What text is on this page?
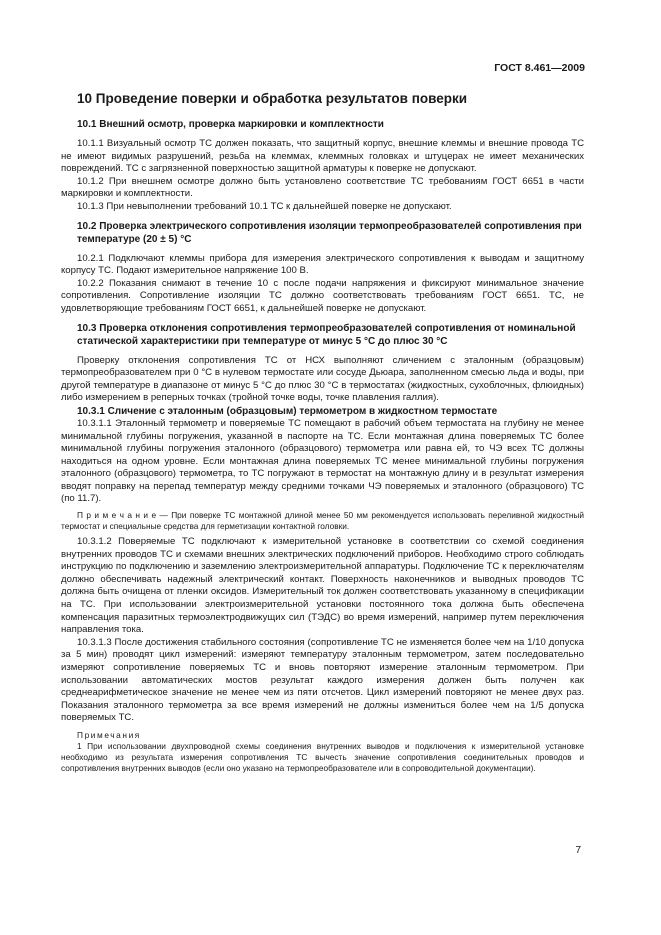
ГОСТ 8.461—2009
10 Проведение поверки и обработка результатов поверки
10.1 Внешний осмотр, проверка маркировки и комплектности

10.1.1 Визуальный осмотр ТС должен показать, что защитный корпус, внешние клеммы и внешние провода ТС не имеют видимых разрушений, резьба на клеммах, клеммных головках и штуцерах не имеет механических повреждений. ТС с загрязненной поверхностью защитной арматуры к поверке не допускают.

10.1.2 При внешнем осмотре должно быть установлено соответствие ТС требованиям ГОСТ 6651 в части маркировки и комплектности.

10.1.3 При невыполнении требований 10.1 ТС к дальнейшей поверке не допускают.

10.2 Проверка электрического сопротивления изоляции термопреобразователей сопротивления при температуре (20 ± 5) °С

10.2.1 Подключают клеммы прибора для измерения электрического сопротивления к выводам и защитному корпусу ТС. Подают измерительное напряжение 100 В.

10.2.2 Показания снимают в течение 10 с после подачи напряжения и фиксируют минимальное значение сопротивления. Сопротивление изоляции ТС должно соответствовать требованиям ГОСТ 6651. ТС, не удовлетворяющие требованиям ГОСТ 6651, к дальнейшей поверке не допускают.

10.3 Проверка отклонения сопротивления термопреобразователей сопротивления от номинальной статической характеристики при температуре от минус 5 °С до плюс 30 °С

Проверку отклонения сопротивления ТС от НСХ выполняют сличением с эталонным (образцовым) термопреобразователем при 0 °С в нулевом термостате или сосуде Дьюара, заполненном смесью льда и воды, при другой температуре в диапазоне от минус 5 °С до плюс 30 °С в термостатах (жидкостных, сухоблочных, флюидных) либо измерением в реперных точках (тройной точке воды, точке плавления галлия).

10.3.1 Сличение с эталонным (образцовым) термометром в жидкостном термостате

10.3.1.1 Эталонный термометр и поверяемые ТС помещают в рабочий объем термостата на глубину не менее минимальной глубины погружения, указанной в паспорте на ТС. Если монтажная длина поверяемых ТС более минимальной глубины погружения эталонного (образцового) термометра или равна ей, то ЧЭ всех ТС должны находиться на одном уровне. Если монтажная длина поверяемых ТС менее минимальной глубины погружения эталонного (образцового) термометра, то ТС погружают в термостат на монтажную длину и в результат измерения вводят поправку на перепад температур между средними точками ЧЭ поверяемых и эталонного (образцового) ТС (по 11.7).

П р и м е ч а н и е — При поверке ТС монтажной длиной менее 50 мм рекомендуется использовать переливной жидкостный термостат и специальные средства для герметизации контактной головки.

10.3.1.2 Поверяемые ТС подключают к измерительной установке в соответствии со схемой соединения внутренних проводов ТС и схемами внешних электрических подключений приборов. Необходимо строго соблюдать инструкцию по подключению и заземлению электроизмерительной аппаратуры. Подключение ТС к переключателям должно обеспечивать надежный электрический контакт. Поверхность наконечников и выводных проводов ТС должна быть очищена от пленки оксидов. Измерительный ток должен соответствовать указанному в спецификации на ТС. При использовании электроизмерительной установки постоянного тока должна быть обеспечена компенсация паразитных термоэлектродвижущих сил (ТЭДС) во время измерений, например путем переключения направления тока.

10.3.1.3 После достижения стабильного состояния (сопротивление ТС не изменяется более чем на 1/10 допуска за 5 мин) проводят цикл измерений: измеряют температуру эталонным термометром, затем последовательно измеряют сопротивление поверяемых ТС и вновь повторяют измерение эталонным термометром. При использовании автоматических мостов результат каждого измерения должен быть получен как среднеарифметическое значение не менее чем из пяти отсчетов. Цикл измерений повторяют не менее двух раз. Показания эталонного термометра за все время измерений не должны измениться более чем на 1/5 допуска поверяемых ТС.

Примечания

1 При использовании двухпроводной схемы соединения внутренних выводов и подключения к измерительной установке необходимо из результата измерения сопротивления ТС вычесть значение сопротивления соединительных проводов и сопротивления внутренних выводов (если оно указано на термопреобразователе или в сопроводительной документации).

7
